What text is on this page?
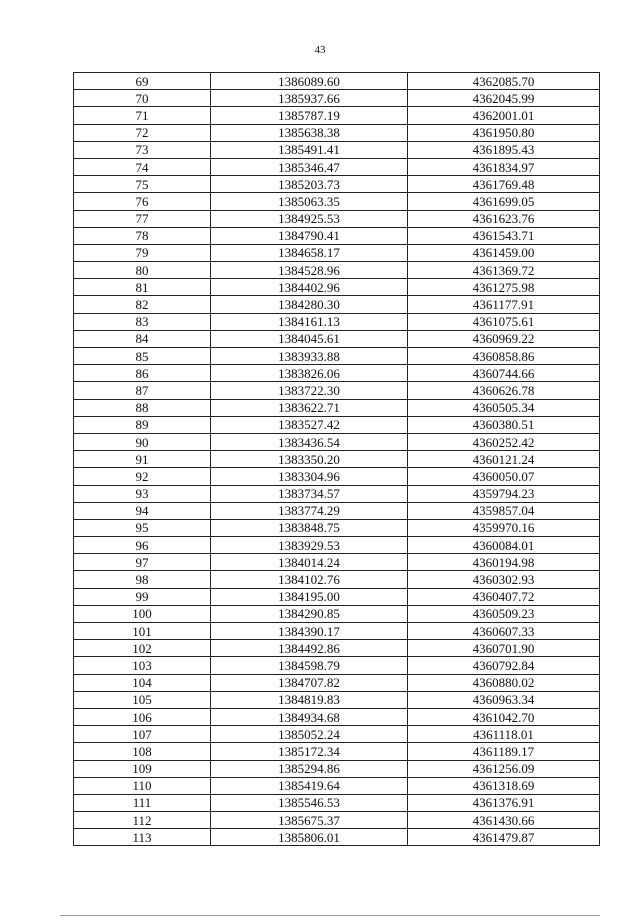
43
69	1386089.60	4362085.70
70	1385937.66	4362045.99
71	1385787.19	4362001.01
72	1385638.38	4361950.80
73	1385491.41	4361895.43
74	1385346.47	4361834.97
75	1385203.73	4361769.48
76	1385063.35	4361699.05
77	1384925.53	4361623.76
78	1384790.41	4361543.71
79	1384658.17	4361459.00
80	1384528.96	4361369.72
81	1384402.96	4361275.98
82	1384280.30	4361177.91
83	1384161.13	4361075.61
84	1384045.61	4360969.22
85	1383933.88	4360858.86
86	1383826.06	4360744.66
87	1383722.30	4360626.78
88	1383622.71	4360505.34
89	1383527.42	4360380.51
90	1383436.54	4360252.42
91	1383350.20	4360121.24
92	1383304.96	4360050.07
93	1383734.57	4359794.23
94	1383774.29	4359857.04
95	1383848.75	4359970.16
96	1383929.53	4360084.01
97	1384014.24	4360194.98
98	1384102.76	4360302.93
99	1384195.00	4360407.72
100	1384290.85	4360509.23
101	1384390.17	4360607.33
102	1384492.86	4360701.90
103	1384598.79	4360792.84
104	1384707.82	4360880.02
105	1384819.83	4360963.34
106	1384934.68	4361042.70
107	1385052.24	4361118.01
108	1385172.34	4361189.17
109	1385294.86	4361256.09
110	1385419.64	4361318.69
111	1385546.53	4361376.91
112	1385675.37	4361430.66
113	1385806.01	4361479.87
